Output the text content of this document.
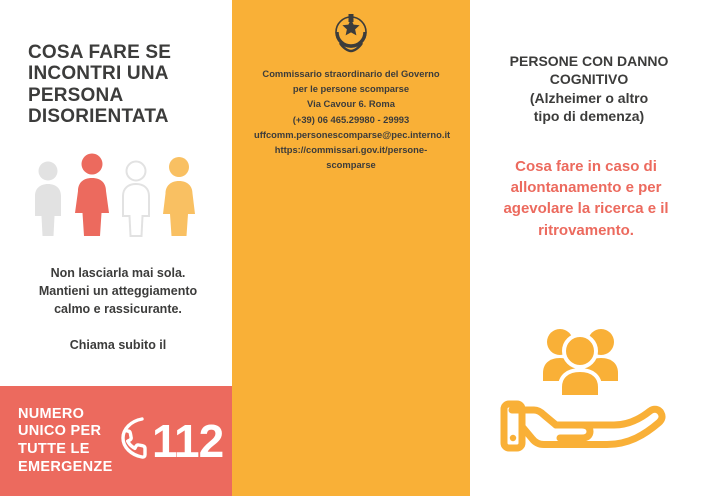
COSA FARE SE INCONTRI UNA PERSONA DISORIENTATA

Non lasciarla mai sola. Mantieni un atteggiamento calmo e rassicurante.

Chiama subito il

NUMERO UNICO PER TUTTE LE EMERGENZE 112
Commissario straordinario del Governo
per le persone scomparse
Via Cavour 6. Roma
(+39) 06 465.29980 - 29993
uffcomm.personescomparse@pec.interno.it
https://commissari.gov.it/persone-scomparse
PERSONE CON DANNO
COGNITIVO
(Alzheimer o altro
tipo di demenza)

Cosa fare in caso di allontanamento e per agevolare la ricerca e il ritrovamento.
